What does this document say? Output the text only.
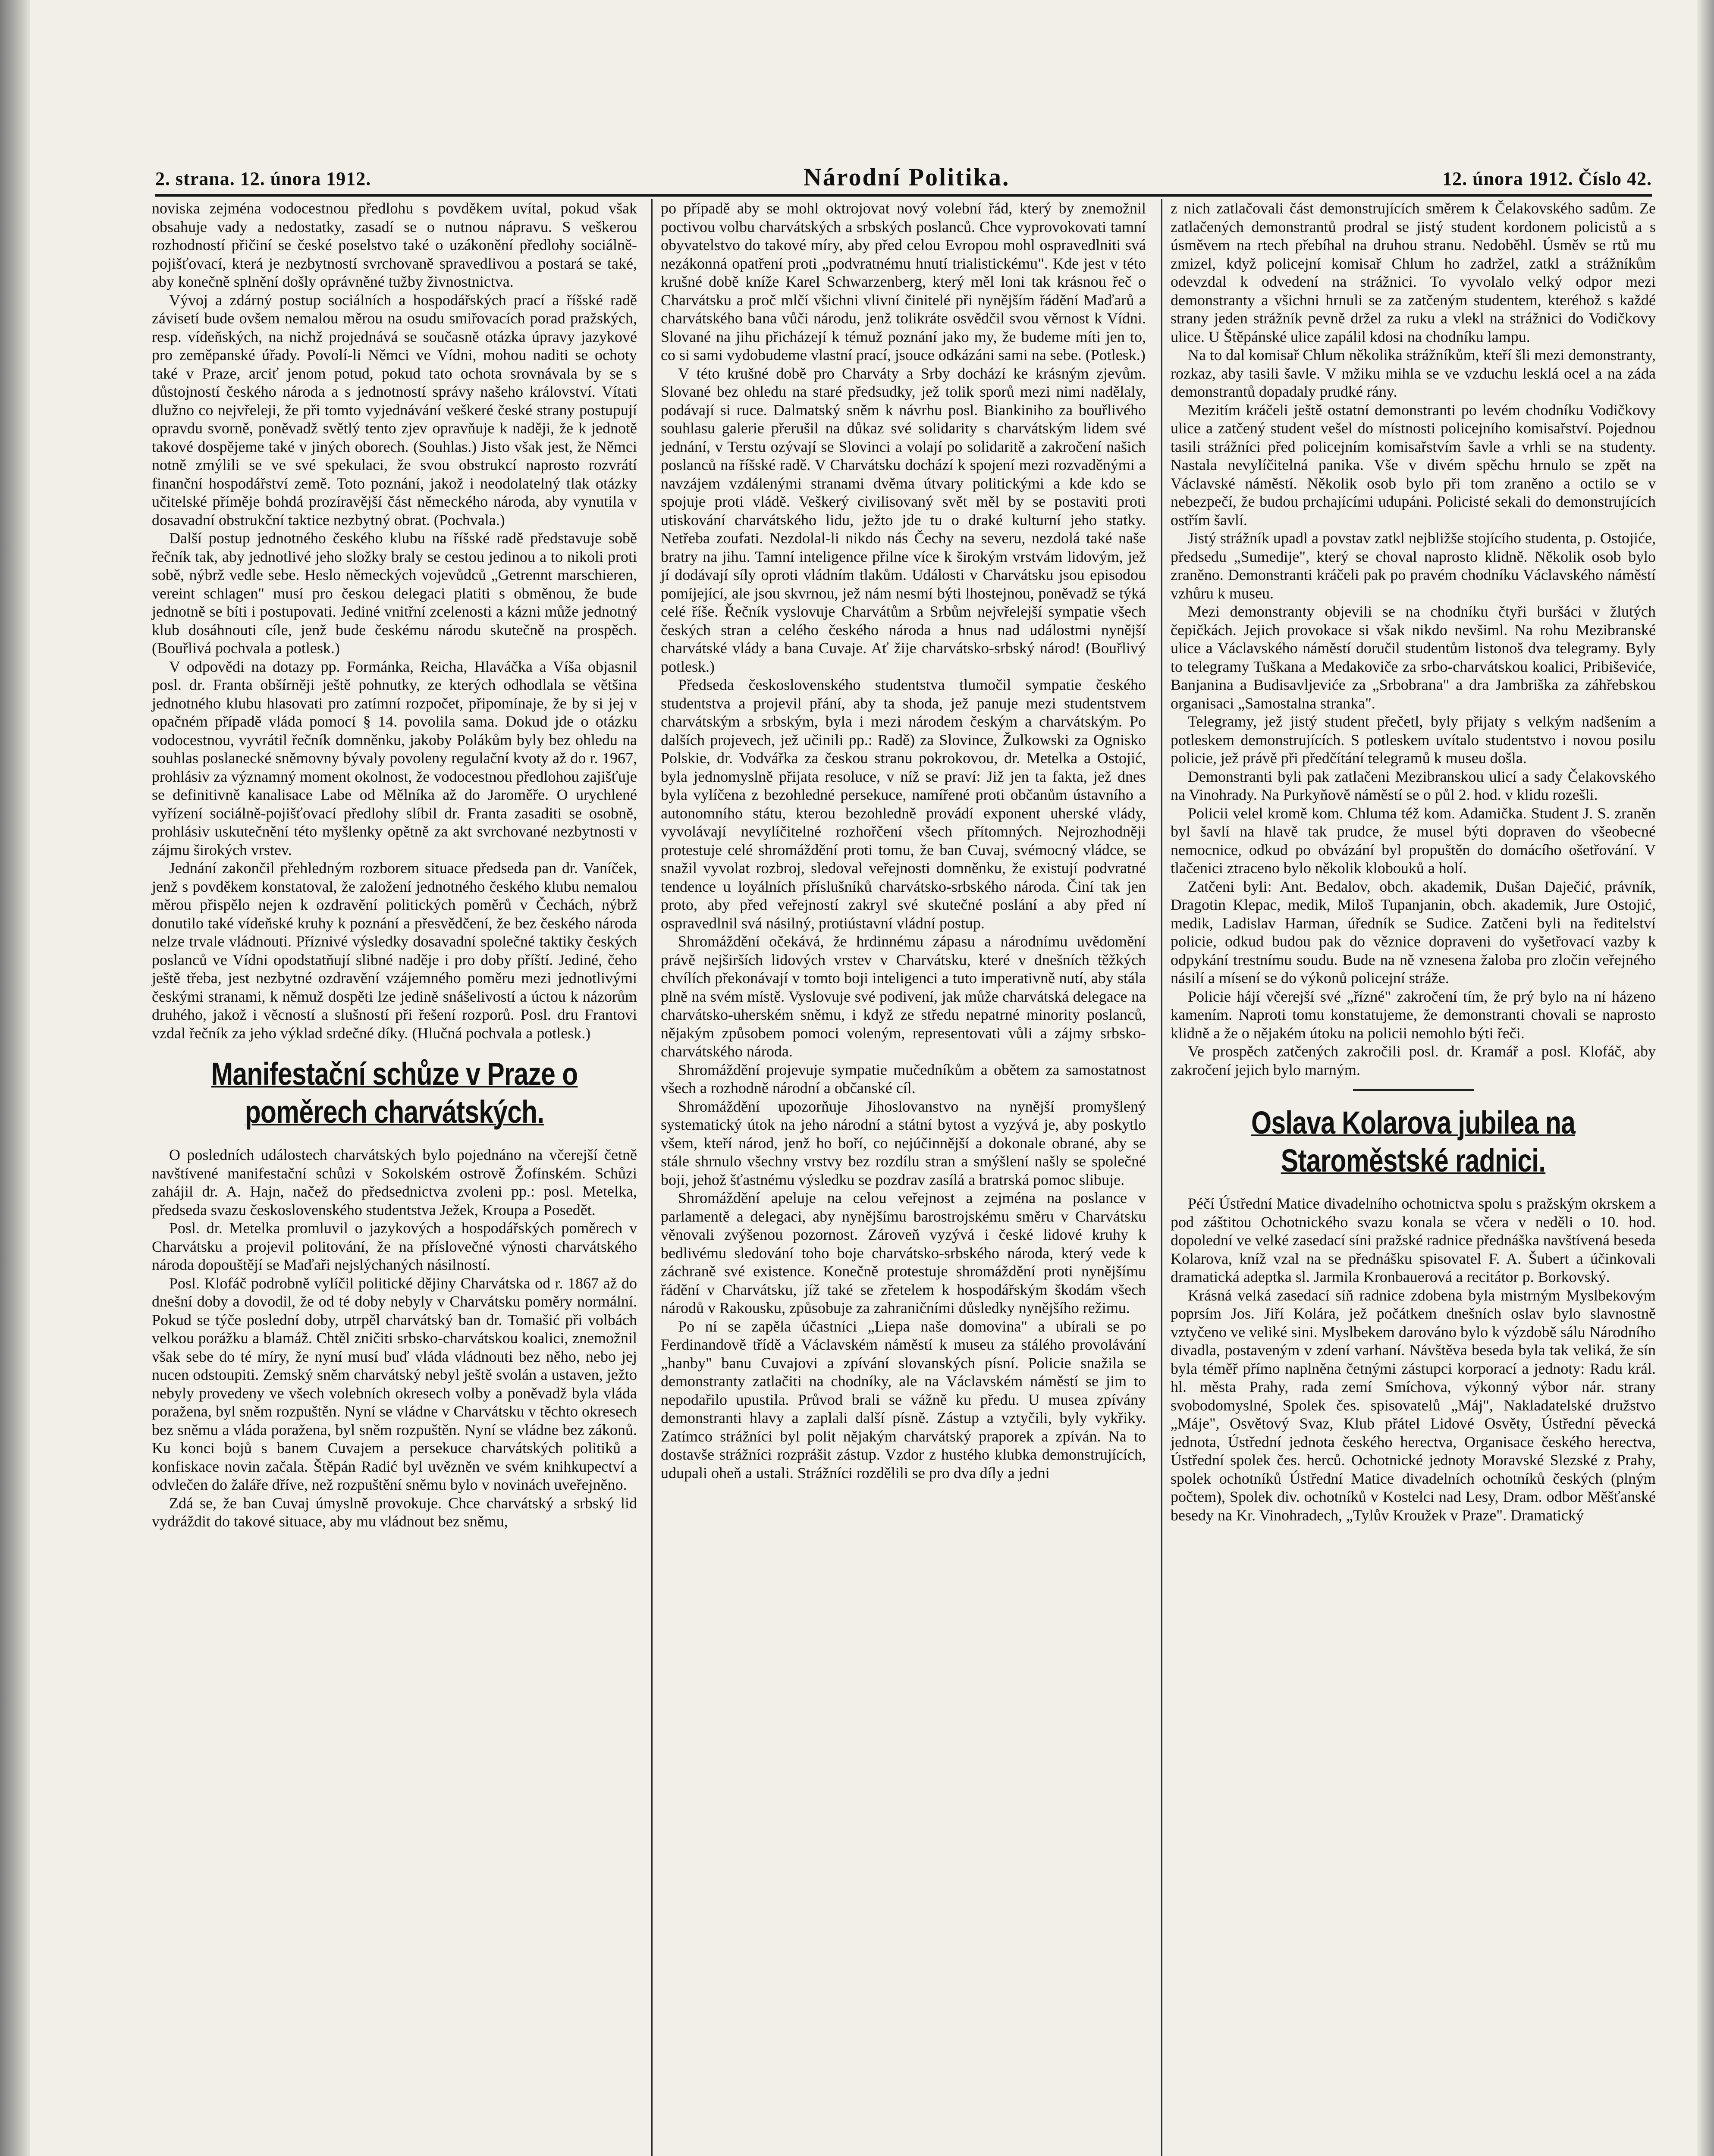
2. strana. 12. února 1912.	Národní Politika.	12. února 1912. Číslo 42.

noviska zejména vodocestnou předlohu s povděkem uvítal, pokud však obsahuje vady a nedostatky, zasadí se o nutnou nápravu. S veškerou rozhodností přičiní se české poselstvo také o uzákonění předlohy sociálně-pojišťovací, která je nezbytností svrchovaně spravedlivou a postará se také, aby konečně splnění došly oprávněné tužby živnostnictva.

Vývoj a zdárný postup sociálních a hospodářských prací a říšské radě závisetí bude ovšem nemalou měrou na osudu smiřovacích porad pražských, resp. vídeňských, na nichž projednává se současně otázka úpravy jazykové pro zeměpanské úřady. Povolí-li Němci ve Vídni, mohou naditi se ochoty také v Praze, arciť jenom potud, pokud tato ochota srovnávala by se s důstojností českého národa a s jednotností správy našeho království. Vítati dlužno co nejvřeleji, že při tomto vyjednávání veškeré české strany postupují opravdu svorně, poněvadž světlý tento zjev opravňuje k naději, že k jednotě takové dospějeme také v jiných oborech. (Souhlas.) Jisto však jest, že Němci notně zmýlili se ve své spekulaci, že svou obstrukcí naprosto rozvrátí finanční hospodářství země. Toto poznání, jakož i neodolatelný tlak otázky učitelské příměje bohdá prozíravější část německého národa, aby vynutila v dosavadní obstrukční taktice nezbytný obrat. (Pochvala.)

Další postup jednotného českého klubu na říšské radě představuje sobě řečník tak, aby jednotlivé jeho složky braly se cestou jedinou a to nikoli proti sobě, nýbrž vedle sebe. Heslo německých vojevůdců „Getrennt marschieren, vereint schlagen" musí pro českou delegaci platiti s obměnou, že bude jednotně se bíti i postupovati. Jediné vnitřní zcelenosti a kázni může jednotný klub dosáhnouti cíle, jenž bude českému národu skutečně na prospěch. (Bouřlivá pochvala a potlesk.)

V odpovědi na dotazy pp. Formánka, Reicha, Hlaváčka a Víša objasnil posl. dr. Franta obšírněji ještě pohnutky, ze kterých odhodlala se většina jednotného klubu hlasovati pro zatímní rozpočet, připomínaje, že by si jej v opačném případě vláda pomocí § 14. povolila sama. Dokud jde o otázku vodocestnou, vyvrátil řečník domněnku, jakoby Polákům byly bez ohledu na souhlas poslanecké sněmovny bývaly povoleny regulační kvoty až do r. 1967, prohlásiv za významný moment okolnost, že vodocestnou předlohou zajišťuje se definitivně kanalisace Labe od Mělníka až do Jaroměře. O urychlené vyřízení sociálně-pojišťovací předlohy slíbil dr. Franta zasaditi se osobně, prohlásiv uskutečnění této myšlenky opětně za akt svrchované nezbytnosti v zájmu širokých vrstev.

Jednání zakončil přehledným rozborem situace předseda pan dr. Vaníček, jenž s povděkem konstatoval, že založení jednotného českého klubu nemalou měrou přispělo nejen k ozdravění politických poměrů v Čechách, nýbrž donutilo také vídeňské kruhy k poznání a přesvědčení, že bez českého národa nelze trvale vládnouti. Příznivé výsledky dosavadní společné taktiky českých poslanců ve Vídni opodstatňují slibné naděje i pro doby příští. Jediné, čeho ještě třeba, jest nezbytné ozdravění vzájemného poměru mezi jednotlivými českými stranami, k němuž dospěti lze jedině snášelivostí a úctou k názorům druhého, jakož i věcností a slušností při řešení rozporů. Posl. dru Frantovi vzdal řečník za jeho výklad srdečné díky. (Hlučná pochvala a potlesk.)

Manifestační schůze v Praze o poměrech charvátských.

O posledních událostech charvátských bylo pojednáno na včerejší četně navštívené manifestační schůzi v Sokolském ostrově Žofínském. Schůzi zahájil dr. A. Hajn, načež do předsednictva zvoleni pp.: posl. Metelka, předseda svazu československého studentstva Ježek, Kroupa a Posedět.

Posl. dr. Metelka promluvil o jazykových a hospodářských poměrech v Charvátsku a projevil politování, že na příslovečné výnosti charvátského národa dopouštějí se Maďaři nejslýchaných násilností.

Posl. Klofáč podrobně vylíčil politické dějiny Charvátska od r. 1867 až do dnešní doby a dovodil, že od té doby nebyly v Charvátsku poměry normální. Pokud se týče poslední doby, utrpěl charvátský ban dr. Tomašić při volbách velkou porážku a blamáž. Chtěl zničiti srbsko-charvátskou koalici, znemožnil však sebe do té míry, že nyní musí buď vláda vládnouti bez něho, nebo jej nucen odstoupiti. Zemský sněm charvátský nebyl ještě svolán a ustaven, ježto nebyly provedeny ve všech volebních okresech volby a poněvadž byla vláda poražena, byl sněm rozpuštěn. Nyní se vládne v Charvátsku v těchto okresech bez sněmu a vláda poražena, byl sněm rozpuštěn. Nyní se vládne bez zákonů. Ku konci bojů s banem Cuvajem a persekuce charvátských politiků a konfiskace novin začala. Štěpán Radić byl uvězněn ve svém knihkupectví a odvlečen do žaláře dříve, než rozpuštění sněmu bylo v novinách uveřejněno.

Zdá se, že ban Cuvaj úmyslně provokuje. Chce charvátský a srbský lid vydráždit do takové situace, aby mu vládnout bez sněmu,

po případě aby se mohl oktrojovat nový volební řád, který by znemožnil poctivou volbu charvátských a srbských poslanců. Chce vyprovokovati tamní obyvatelstvo do takové míry, aby před celou Evropou mohl ospravedlniti svá nezákonná opatření proti „podvratnému hnutí trialistickému". Kde jest v této krušné době kníže Karel Schwarzenberg, který měl loni tak krásnou řeč o Charvátsku a proč mlčí všichni vlivní činitelé při nynějším řádění Maďarů a charvátského bana vůči národu, jenž tolikráte osvědčil svou věrnost k Vídni. Slované na jihu přicházejí k témuž poznání jako my, že budeme míti jen to, co si sami vydobudeme vlastní prací, jsouce odkázáni sami na sebe. (Potlesk.)

V této krušné době pro Charváty a Srby dochází ke krásným zjevům. Slované bez ohledu na staré předsudky, jež tolik sporů mezi nimi nadělaly, podávají si ruce. Dalmatský sněm k návrhu posl. Biankiniho za bouřlivého souhlasu galerie přerušil na důkaz své solidarity s charvátským lidem své jednání, v Terstu ozývají se Slovinci a volají po solidaritě a zakročení našich poslanců na říšské radě. V Charvátsku dochází k spojení mezi rozvaděnými a navzájem vzdálenými stranami dvěma útvary politickými a kde kdo se spojuje proti vládě. Veškerý civilisovaný svět měl by se postaviti proti utiskování charvátského lidu, ježto jde tu o draké kulturní jeho statky. Netřeba zoufati. Nezdolal-li nikdo nás Čechy na severu, nezdolá také naše bratry na jihu. Tamní inteligence přilne více k širokým vrstvám lidovým, jež jí dodávají síly oproti vládním tlakům. Události v Charvátsku jsou episodou pomíjející, ale jsou skvrnou, jež nám nesmí býti lhostejnou, poněvadž se týká celé říše. Řečník vyslovuje Charvátům a Srbům nejvřelejší sympatie všech českých stran a celého českého národa a hnus nad událostmi nynější charvátské vlády a bana Cuvaje. Ať žije charvátsko-srbský národ! (Bouřlivý potlesk.)

Předseda československého studentstva tlumočil sympatie českého studentstva a projevil přání, aby ta shoda, jež panuje mezi studentstvem charvátským a srbským, byla i mezi národem českým a charvátským. Po dalších projevech, jež učinili pp.: Radě) za Slovince, Žulkowski za Ognisko Polskie, dr. Vodvářka za českou stranu pokrokovou, dr. Metelka a Ostojić, byla jednomyslně přijata resoluce, v níž se praví: Již jen ta fakta, jež dnes byla vylíčena z bezohledné persekuce, namířené proti občanům ústavního a autonomního státu, kterou bezohledně provádí exponent uherské vlády, vyvolávají nevylíčitelné rozhořčení všech přítomných. Nejrozhodněji protestuje celé shromáždění proti tomu, že ban Cuvaj, svémocný vládce, se snažil vyvolat rozbroj, sledoval veřejnosti domněnku, že existují podvratné tendence u loyálních příslušníků charvátsko-srbského národa. Činí tak jen proto, aby před veřejností zakryl své skutečné poslání a aby před ní ospravedlnil svá násilný, protiústavní vládní postup.

Shromáždění očekává, že hrdinnému zápasu a národnímu uvědomění právě nejširších lidových vrstev v Charvátsku, které v dnešních těžkých chvílích překonávají v tomto boji inteligenci a tuto imperativně nutí, aby stála plně na svém místě. Vyslovuje své podivení, jak může charvátská delegace na charvátsko-uherském sněmu, i když ze středu nepatrné minority poslanců, nějakým způsobem pomoci voleným, representovati vůli a zájmy srbsko-charvátského národa.

Shromáždění projevuje sympatie mučedníkům a obětem za samostatnost všech a rozhodně národní a občanské cíl.

Shromáždění upozorňuje Jihoslovanstvo na nynější promyšlený systematický útok na jeho národní a státní bytost a vyzývá je, aby poskytlo všem, kteří národ, jenž ho boří, co nejúčinnější a dokonale obrané, aby se stále shrnulo všechny vrstvy bez rozdílu stran a smýšlení našly se společné boji, jehož šťastnému výsledku se pozdrav zasílá a bratrská pomoc slibuje.

Shromáždění apeluje na celou veřejnost a zejména na poslance v parlamentě a delegaci, aby nynějšímu barostrojskému směru v Charvátsku věnovali zvýšenou pozornost. Zároveň vyzývá i české lidové kruhy k bedlivému sledování toho boje charvátsko-srbského národa, který vede k záchraně své existence. Konečně protestuje shromáždění proti nynějšímu řádění v Charvátsku, jíž také se zřetelem k hospodářským škodám všech národů v Rakousku, způsobuje za zahraničními důsledky nynějšího režimu.

Po ní se zapěla účastníci „Liepa naše domovina" a ubírali se po Ferdinandově třídě a Václavském náměstí k museu za stálého provolávání „hanby" banu Cuvajovi a zpívání slovanských písní. Policie snažila se demonstranty zatlačiti na chodníky, ale na Václavském náměstí se jim to nepodařilo upustila. Průvod brali se vážně ku předu. U musea zpívány demonstranti hlavy a zaplali další písně. Zástup a vztyčili, byly vykřiky. Zatímco strážníci byl polit nějakým charvátský praporek a zpíván. Na to dostavše strážníci rozprášit zástup. Vzdor z hustého klubka demonstrujících, udupali oheň a ustali. Strážníci rozdělili se pro dva díly a jedni

z nich zatlačovali část demonstrujících směrem k Čelakovského sadům. Ze zatlačených demonstrantů prodral se jistý student kordonem policistů a s úsměvem na rtech přebíhal na druhou stranu. Nedoběhl. Úsměv se rtů mu zmizel, když policejní komisař Chlum ho zadržel, zatkl a strážníkům odevzdal k odvedení na strážnici. To vyvolalo velký odpor mezi demonstranty a všichni hrnuli se za zatčeným studentem, kteréhož s každé strany jeden strážník pevně držel za ruku a vlekl na strážnici do Vodičkovy ulice. U Štěpánské ulice zapálil kdosi na chodníku lampu.

Na to dal komisař Chlum několika strážníkům, kteří šli mezi demonstranty, rozkaz, aby tasili šavle. V mžiku mihla se ve vzduchu lesklá ocel a na záda demonstrantů dopadaly prudké rány.

Mezitím kráčeli ještě ostatní demonstranti po levém chodníku Vodičkovy ulice a zatčený student vešel do místnosti policejního komisařství. Pojednou tasili strážníci před policejním komisařstvím šavle a vrhli se na studenty. Nastala nevylíčitelná panika. Vše v divém spěchu hrnulo se zpět na Václavské náměstí. Několik osob bylo při tom zraněno a octilo se v nebezpečí, že budou prchajícími udupáni. Policisté sekali do demonstrujících ostřím šavlí.

Jistý strážník upadl a povstav zatkl nejbližše stojícího studenta, p. Ostojiće, předsedu „Sumedije", který se choval naprosto klidně. Několik osob bylo zraněno. Demonstranti kráčeli pak po pravém chodníku Václavského náměstí vzhůru k museu.

Mezi demonstranty objevili se na chodníku čtyři buršáci v žlutých čepičkách. Jejich provokace si však nikdo nevšiml. Na rohu Mezibranské ulice a Václavského náměstí doručil studentům listonoš dva telegramy. Byly to telegramy Tuškana a Medakoviče za srbo-charvátskou koalici, Pribiševiće, Banjanina a Budisavljeviće za „Srbobrana" a dra Jambriška za záhřebskou organisaci „Samostalna stranka".

Telegramy, jež jistý student přečetl, byly přijaty s velkým nadšením a potleskem demonstrujících. S potleskem uvítalo studentstvo i novou posilu policie, jež právě při předčítání telegramů k museu došla.

Demonstranti byli pak zatlačeni Mezibranskou ulicí a sady Čelakovského na Vinohrady. Na Purkyňově náměstí se o půl 2. hod. v klidu rozešli.

Policii velel kromě kom. Chluma též kom. Adamička. Student J. S. zraněn byl šavlí na hlavě tak prudce, že musel býti dopraven do všeobecné nemocnice, odkud po obvázání byl propuštěn do domácího ošetřování. V tlačenici ztraceno bylo několik klobouků a holí.

Zatčeni byli: Ant. Bedalov, obch. akademik, Dušan Daječić, právník, Dragotin Klepac, medik, Miloš Tupanjanin, obch. akademik, Jure Ostojić, medik, Ladislav Harman, úředník se Sudice. Zatčeni byli na ředitelství policie, odkud budou pak do věznice dopraveni do vyšetřovací vazby k odpykání trestnímu soudu. Bude na ně vznesena žaloba pro zločin veřejného násilí a mísení se do výkonů policejní stráže.

Policie hájí včerejší své „řízné" zakročení tím, že prý bylo na ní házeno kamením. Naproti tomu konstatujeme, že demonstranti chovali se naprosto klidně a že o nějakém útoku na policii nemohlo býti řeči.

Ve prospěch zatčených zakročili posl. dr. Kramář a posl. Klofáč, aby zakročení jejich bylo marným.

Oslava Kolarova jubilea na Staroměstské radnici.

Péčí Ústřední Matice divadelního ochotnictva spolu s pražským okrskem a pod záštitou Ochotnického svazu konala se včera v neděli o 10. hod. dopolední ve velké zasedací síni pražské radnice přednáška navštívená beseda Kolarova, kníž vzal na se přednášku spisovatel F. A. Šubert a účinkovali dramatická adeptka sl. Jarmila Kronbauerová a recitátor p. Borkovský.

Krásná velká zasedací síň radnice zdobena byla mistrným Myslbekovým poprsím Jos. Jiří Kolára, jež počátkem dnešních oslav bylo slavnostně vztyčeno ve veliké sini. Myslbekem darováno bylo k výzdobě sálu Národního divadla, postaveným v zdení varhaní. Návštěva beseda byla tak veliká, že sín byla téměř přímo naplněna četnými zástupci korporací a jednoty: Radu král. hl. města Prahy, rada zemí Smíchova, výkonný výbor nár. strany svobodomyslné, Spolek čes. spisovatelů „Máj", Nakladatelské družstvo „Máje", Osvětový Svaz, Klub přátel Lidové Osvěty, Ústřední pěvecká jednota, Ústřední jednota českého herectva, Organisace českého herectva, Ústřední spolek čes. herců. Ochotnické jednoty Moravské Slezské z Prahy, spolek ochotníků Ústřední Matice divadelních ochotníků českých (plným počtem), Spolek div. ochotníků v Kostelci nad Lesy, Dram. odbor Měšťanské besedy na Kr. Vinohradech, „Tylův Kroužek v Praze". Dramatický
